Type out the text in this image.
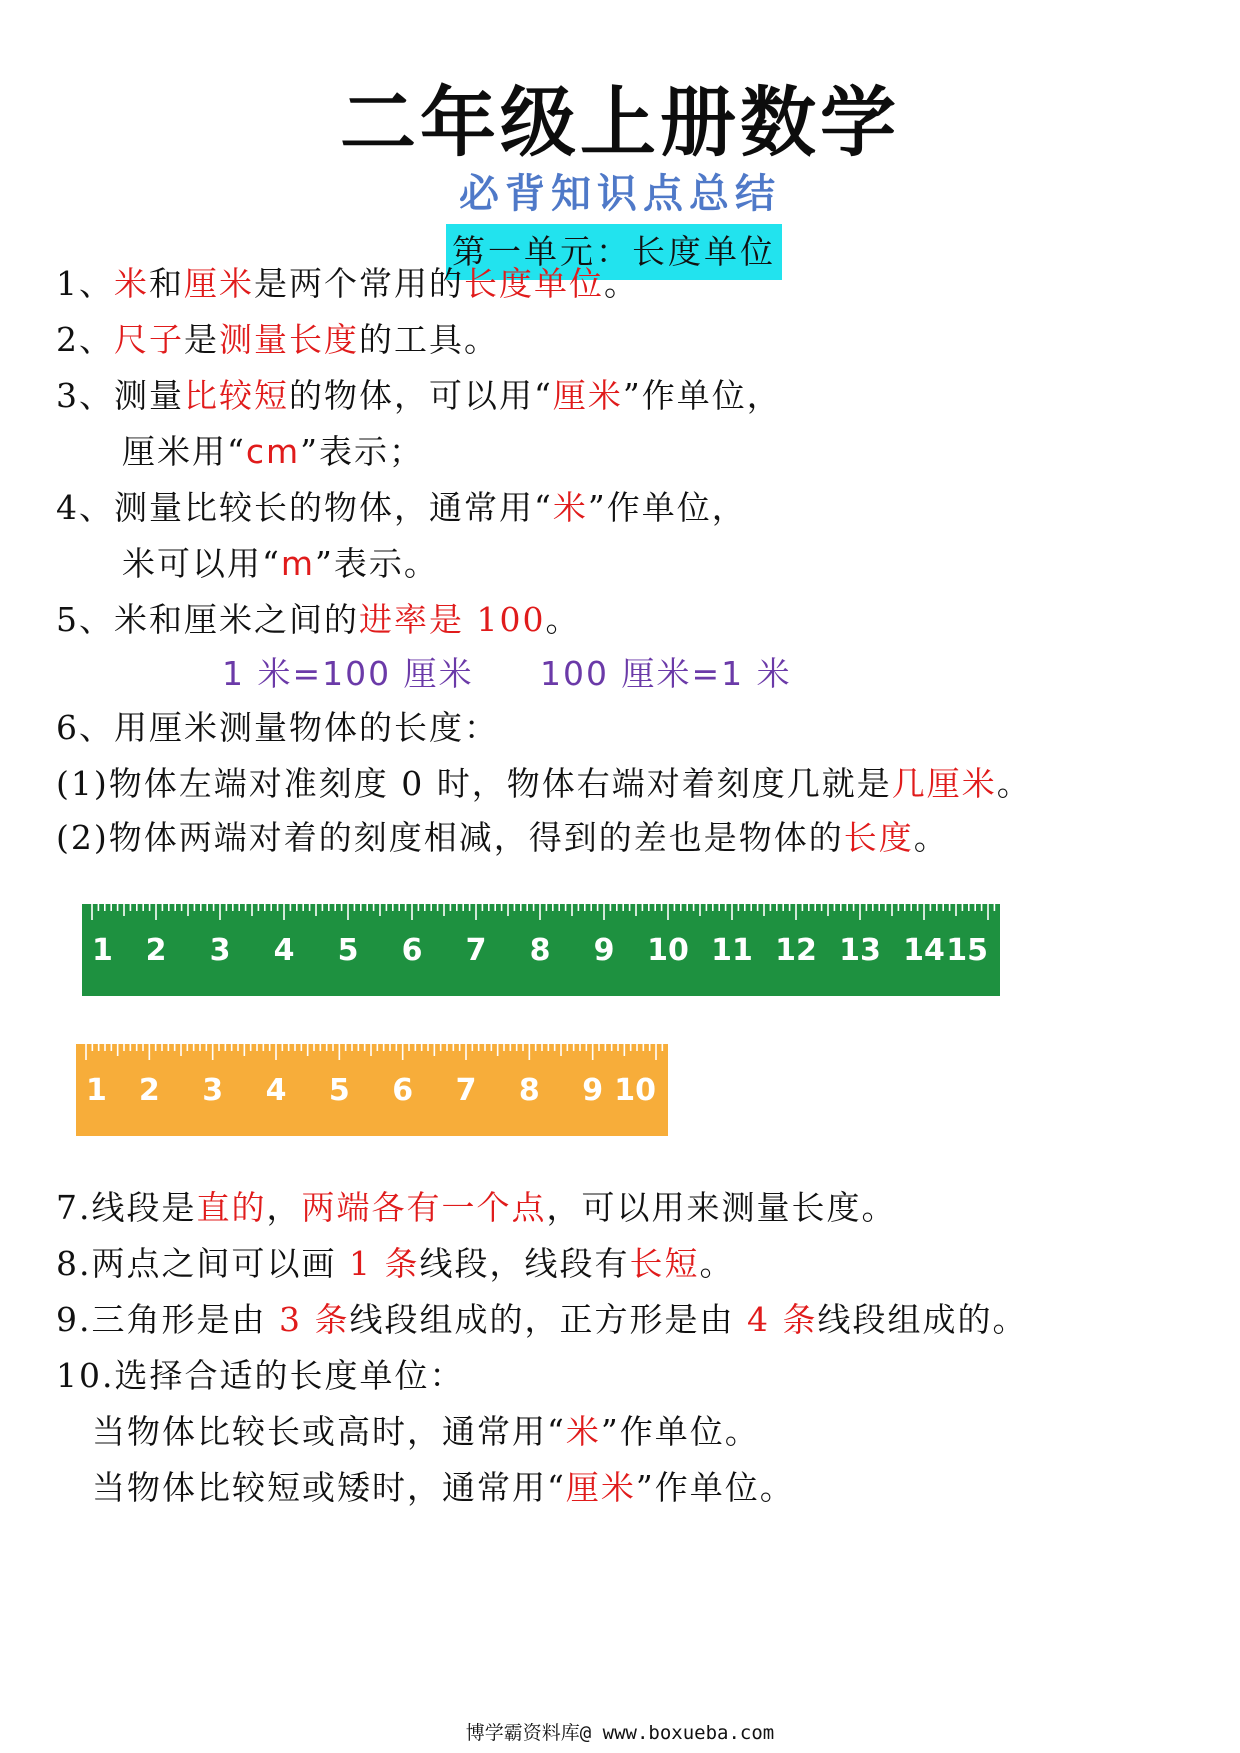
二年级上册数学
必背知识点总结
第一单元：长度单位
1、米和厘米是两个常用的长度单位。
2、尺子是测量长度的工具。
3、测量比较短的物体，可以用“厘米”作单位，
厘米用“cm”表示；
4、测量比较长的物体，通常用“米”作单位，
米可以用“m”表示。
5、米和厘米之间的进率是 100。
1 米=100 厘米 100 厘米=1 米
6、用厘米测量物体的长度：
(1)物体左端对准刻度 0 时，物体右端对着刻度几就是几厘米。
(2)物体两端对着的刻度相减，得到的差也是物体的长度。
1 2 3 4 5 6 7 8 9 10 11 12 13 14 15
1 2 3 4 5 6 7 8 9 10
7.线段是直的，两端各有一个点，可以用来测量长度。
8.两点之间可以画 1 条线段，线段有长短。
9.三角形是由 3 条线段组成的，正方形是由 4 条线段组成的。
10.选择合适的长度单位：
当物体比较长或高时，通常用“米”作单位。
当物体比较短或矮时，通常用“厘米”作单位。
博学霸资料库@ www.boxueba.com
